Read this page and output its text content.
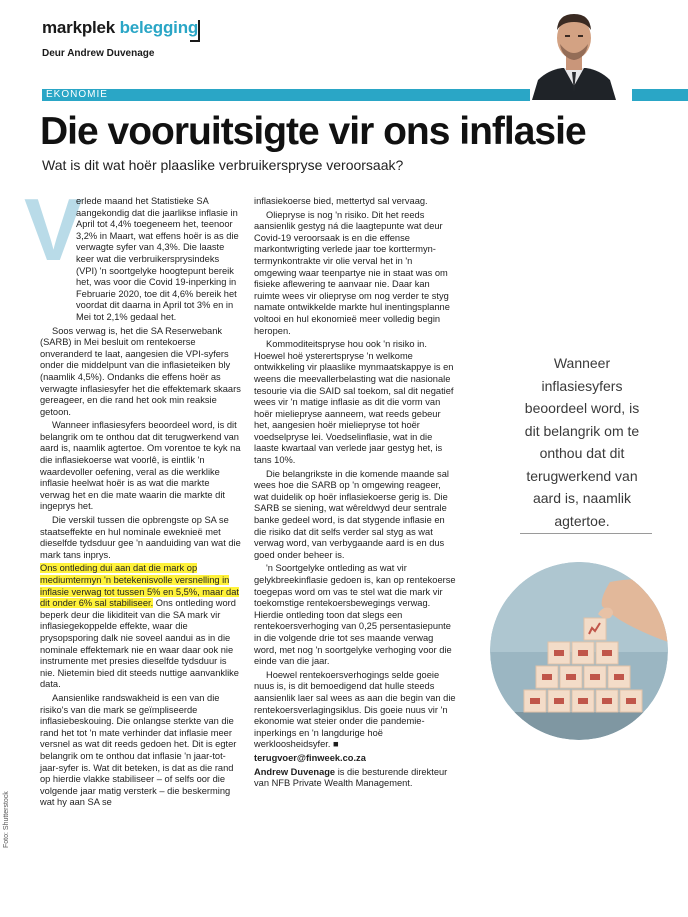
markplek belegging
Deur Andrew Duvenage
EKONOMIE
Die vooruitsigte vir ons inflasie
Wat is dit wat hoër plaaslike verbruikerspryse veroorsaak?
V

erlede maand het Statistieke SA aangekondig dat die jaarlikse inflasie in April tot 4,4% toegeneem het, teenoor 3,2% in Maart, wat effens hoër is as die verwagte syfer van 4,3%. Die laaste keer wat die verbruikersprysindeks (VPI) 'n soortgelyke hoogtepunt bereik het, was voor die Covid 19-inperking in Februarie 2020, toe dit 4,6% bereik het voordat dit daarna in April tot 3% en in Mei tot 2,1% gedaal het.

Soos verwag is, het die SA Reserwebank (SARB) in Mei besluit om rentekoerse onveranderd te laat, aangesien die VPI-syfers onder die middelpunt van die inflasieteiken bly (naamlik 4,5%). Ondanks die effens hoër as verwagte inflasiesyfer het die effektemark skaars gereageer, en die rand het ook min reaksie getoon.

Wanneer inflasiesyfers beoordeel word, is dit belangrik om te onthou dat dit terugwerkend van aard is, naamlik agtertoe. Om vorentoe te kyk na die inflasiekoerse wat voorlê, is eintlik 'n waardevoller oefening, veral as die werklike inflasie heelwat hoër is as wat die markte verwag het en die mate waarin die markte dit ingeprys het.

Die verskil tussen die opbrengste op SA se staatseffekte en hul nominale eweknieë met dieselfde tydsduur gee 'n aanduiding van wat die mark tans inprys.

Ons ontleding dui aan dat die mark op mediumtermyn 'n betekenisvolle versnelling in inflasie verwag tot tussen 5% en 5,5%, maar dat dit onder 6% sal stabiliseer. Ons ontleding word beperk deur die likiditeit van die SA mark vir inflasiegekoppelde effekte, waar die prysopsporing dalk nie soveel aandui as in die nominale effektemark nie en waar daar ook nie instrumente met presies dieselfde tydsduur is nie. Nietemin bied dit steeds nuttige aanvanklike data.

Aansienlike randswakheid is een van die risiko's van die mark se geïmpliseerde inflasiebeskouing. Die onlangse sterkte van die rand het tot 'n mate verhinder dat inflasie meer versnel as wat dit reeds gedoen het. Dit is egter belangrik om te onthou dat inflasie 'n jaar-tot-jaar-syfer is. Wat dit beteken, is dat as die rand op hierdie vlakke stabiliseer – of selfs oor die volgende jaar matig versterk – die beskerming wat hy aan SA se

inflasiekoerse bied, mettertyd sal vervaag.

Oliepryse is nog 'n risiko. Dit het reeds aansienlik gestyg ná die laagtepunte wat deur Covid-19 veroorsaak is en die effense markontwrigting verlede jaar toe korttermyn-termynkontrakte vir olie verval het in 'n omgewing waar teenpartye nie in staat was om fisieke aflewering te aanvaar nie. Daar kan ruimte wees vir oliepryse om nog verder te styg namate ontwikkelde markte hul inentingsplanne voltooi en hul ekonomieë meer volledig begin heropen.

Kommoditeitspryse hou ook 'n risiko in. Hoewel hoë ysterertspryse 'n welkome ontwikkeling vir plaaslike mynmaatskappye is en weens die meevallerbelasting wat die nasionale tesourie via die SAID sal toekom, sal dit negatief wees vir 'n matige inflasie as dit die vorm van hoër mieliepryse aanneem, wat reeds gebeur het, aangesien hoër mieliepryse tot hoër voedselpryse lei. Voedselinflasie, wat in die laaste kwartaal van verlede jaar gestyg het, is tans 10%.

Die belangrikste in die komende maande sal wees hoe die SARB op 'n omgewing reageer, wat duidelik op hoër inflasiekoerse gerig is. Die SARB se siening, wat wêreldwyd deur sentrale banke gedeel word, is dat stygende inflasie en die risiko dat dit selfs verder sal styg as wat verwag word, van verbygaande aard is en dus goed onder beheer is.

'n Soortgelyke ontleding as wat vir gelykbreekinflasie gedoen is, kan op rentekoerse toegepas word om vas te stel wat die mark vir toekomstige rentekoersbewegings verwag. Hierdie ontleding toon dat slegs een rentekoersverhoging van 0,25 persentasiepunte in die volgende drie tot ses maande verwag word, met nog 'n soortgelyke verhoging voor die einde van die jaar.

Hoewel rentekoersverhogings selde goeie nuus is, is dit bemoedigend dat hulle steeds aansienlik laer sal wees as aan die begin van die rentekoersverlagingsiklus. Dis goeie nuus vir 'n ekonomie wat steier onder die pandemie-inperkings en 'n langdurige hoë werkloosheidsyfer. ■

terugvoer@finweek.co.za

Andrew Duvenage is die besturende direkteur van NFB Private Wealth Management.

Wanneer inflasiesyfers beoordeel word, is dit belangrik om te onthou dat dit terugwerkend van aard is, naamlik agtertoe.
Foto: Shutterstock
